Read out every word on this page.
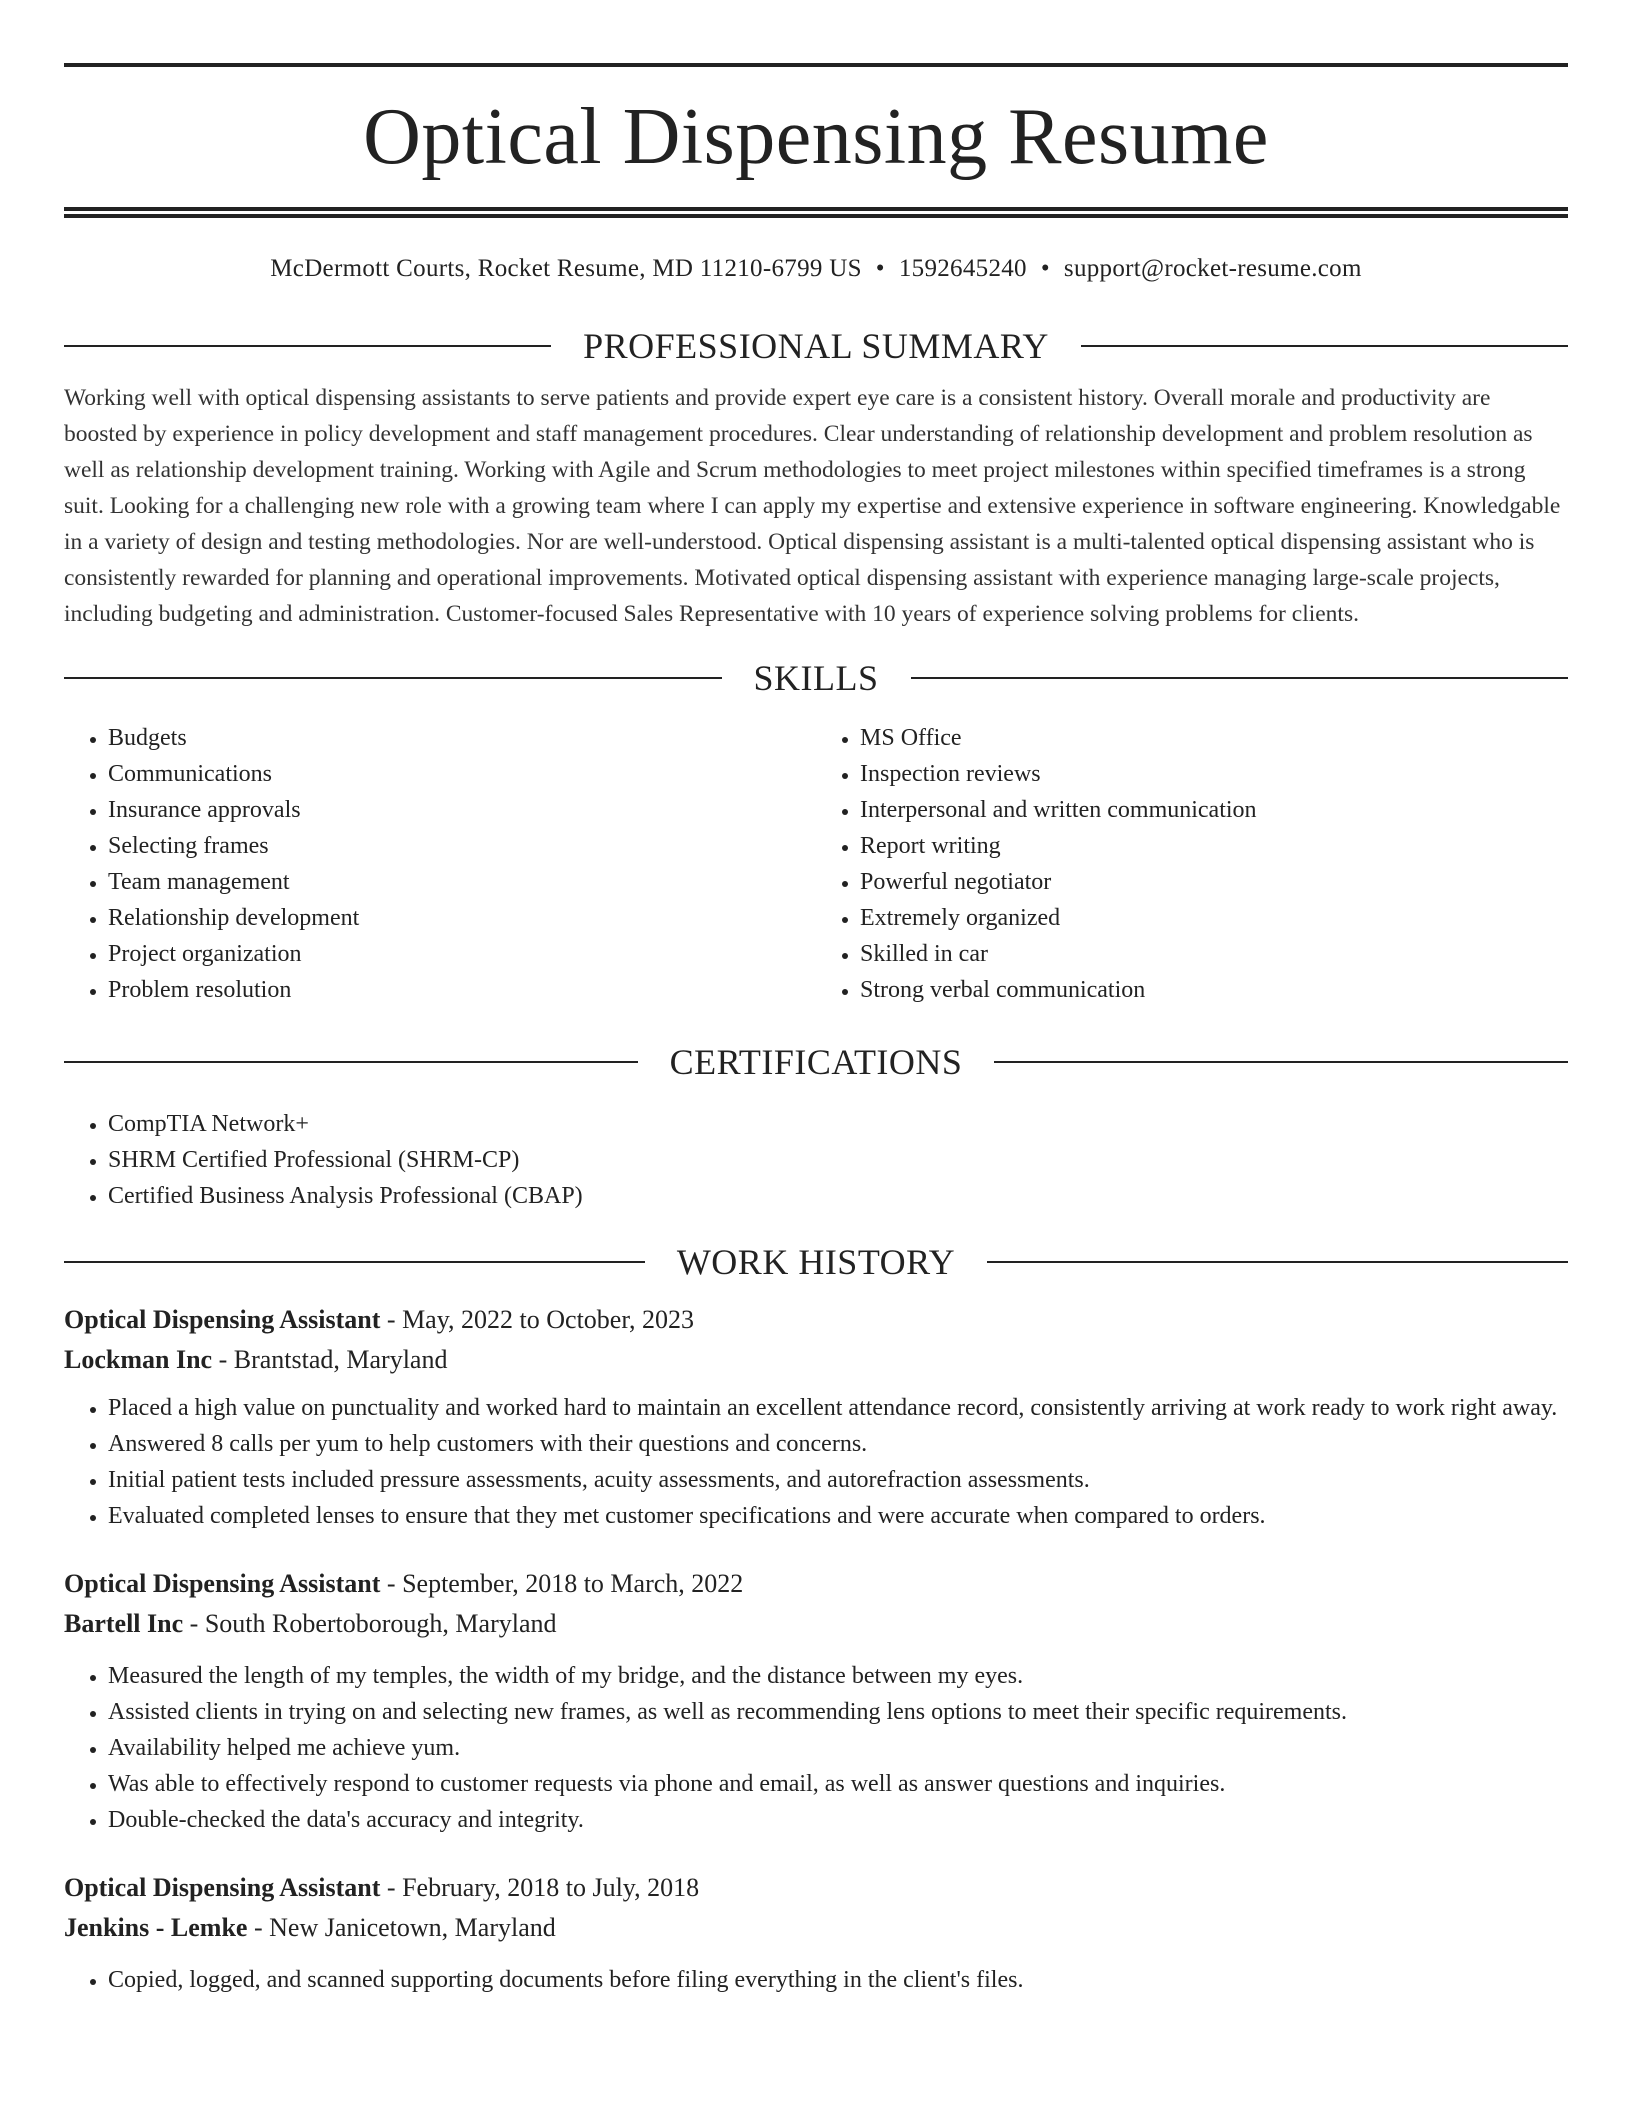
Optical Dispensing Resume
McDermott Courts, Rocket Resume, MD 11210-6799 US • 1592645240 • support@rocket-resume.com
PROFESSIONAL SUMMARY

Working well with optical dispensing assistants to serve patients and provide expert eye care is a consistent history. Overall morale and productivity are boosted by experience in policy development and staff management procedures. Clear understanding of relationship development and problem resolution as well as relationship development training. Working with Agile and Scrum methodologies to meet project milestones within specified timeframes is a strong suit. Looking for a challenging new role with a growing team where I can apply my expertise and extensive experience in software engineering. Knowledgable in a variety of design and testing methodologies. Nor are well-understood. Optical dispensing assistant is a multi-talented optical dispensing assistant who is consistently rewarded for planning and operational improvements. Motivated optical dispensing assistant with experience managing large-scale projects, including budgeting and administration. Customer-focused Sales Representative with 10 years of experience solving problems for clients.

SKILLS
• Budgets
• Communications
• Insurance approvals
• Selecting frames
• Team management
• Relationship development
• Project organization
• Problem resolution
• MS Office
• Inspection reviews
• Interpersonal and written communication
• Report writing
• Powerful negotiator
• Extremely organized
• Skilled in car
• Strong verbal communication
CERTIFICATIONS
• CompTIA Network+
• SHRM Certified Professional (SHRM-CP)
• Certified Business Analysis Professional (CBAP)
WORK HISTORY
Optical Dispensing Assistant - May, 2022 to October, 2023
Lockman Inc - Brantstad, Maryland
• Placed a high value on punctuality and worked hard to maintain an excellent attendance record, consistently arriving at work ready to work right away.
• Answered 8 calls per yum to help customers with their questions and concerns.
• Initial patient tests included pressure assessments, acuity assessments, and autorefraction assessments.
• Evaluated completed lenses to ensure that they met customer specifications and were accurate when compared to orders.
Optical Dispensing Assistant - September, 2018 to March, 2022
Bartell Inc - South Robertoborough, Maryland
• Measured the length of my temples, the width of my bridge, and the distance between my eyes.
• Assisted clients in trying on and selecting new frames, as well as recommending lens options to meet their specific requirements.
• Availability helped me achieve yum.
• Was able to effectively respond to customer requests via phone and email, as well as answer questions and inquiries.
• Double-checked the data's accuracy and integrity.
Optical Dispensing Assistant - February, 2018 to July, 2018
Jenkins - Lemke - New Janicetown, Maryland
• Copied, logged, and scanned supporting documents before filing everything in the client's files.
